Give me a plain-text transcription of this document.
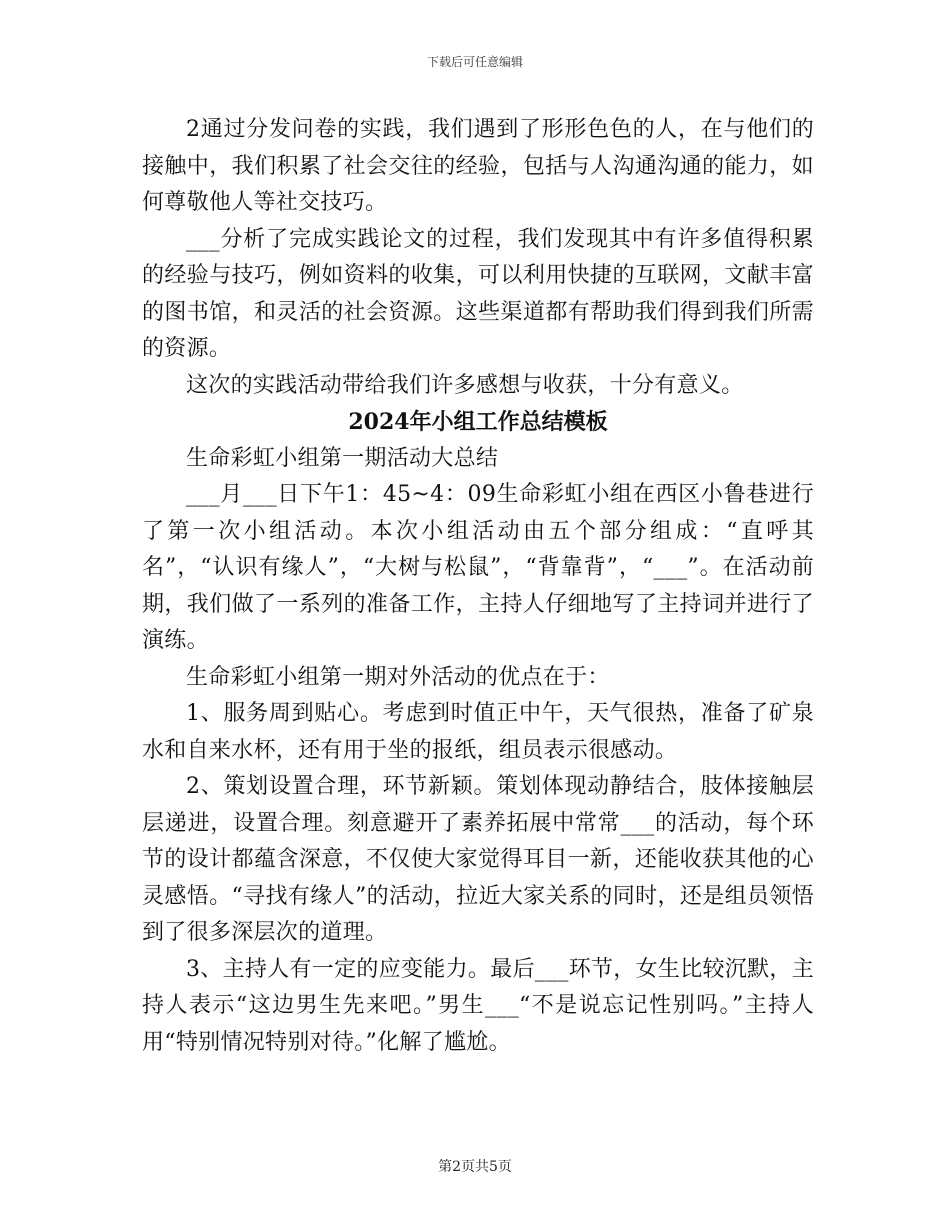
下载后可任意编辑

2通过分发问卷的实践，我们遇到了形形色色的人，在与他们的接触中，我们积累了社会交往的经验，包括与人沟通沟通的能力，如何尊敬他人等社交技巧。

___分析了完成实践论文的过程，我们发现其中有许多值得积累的经验与技巧，例如资料的收集，可以利用快捷的互联网，文献丰富的图书馆，和灵活的社会资源。这些渠道都有帮助我们得到我们所需的资源。

这次的实践活动带给我们许多感想与收获，十分有意义。

2024年小组工作总结模板

生命彩虹小组第一期活动大总结

___月___日下午1：45~4：09生命彩虹小组在西区小鲁巷进行了第一次小组活动。本次小组活动由五个部分组成：“直呼其名”，“认识有缘人”，“大树与松鼠”，“背靠背”，“___”。在活动前期，我们做了一系列的准备工作，主持人仔细地写了主持词并进行了演练。

生命彩虹小组第一期对外活动的优点在于：

1、服务周到贴心。考虑到时值正中午，天气很热，准备了矿泉水和自来水杯，还有用于坐的报纸，组员表示很感动。

2、策划设置合理，环节新颖。策划体现动静结合，肢体接触层层递进，设置合理。刻意避开了素养拓展中常常___的活动，每个环节的设计都蕴含深意，不仅使大家觉得耳目一新，还能收获其他的心灵感悟。“寻找有缘人”的活动，拉近大家关系的同时，还是组员领悟到了很多深层次的道理。

3、主持人有一定的应变能力。最后___环节，女生比较沉默，主持人表示“这边男生先来吧。”男生___“不是说忘记性别吗。”主持人用“特别情况特别对待。”化解了尴尬。

第2页共5页
